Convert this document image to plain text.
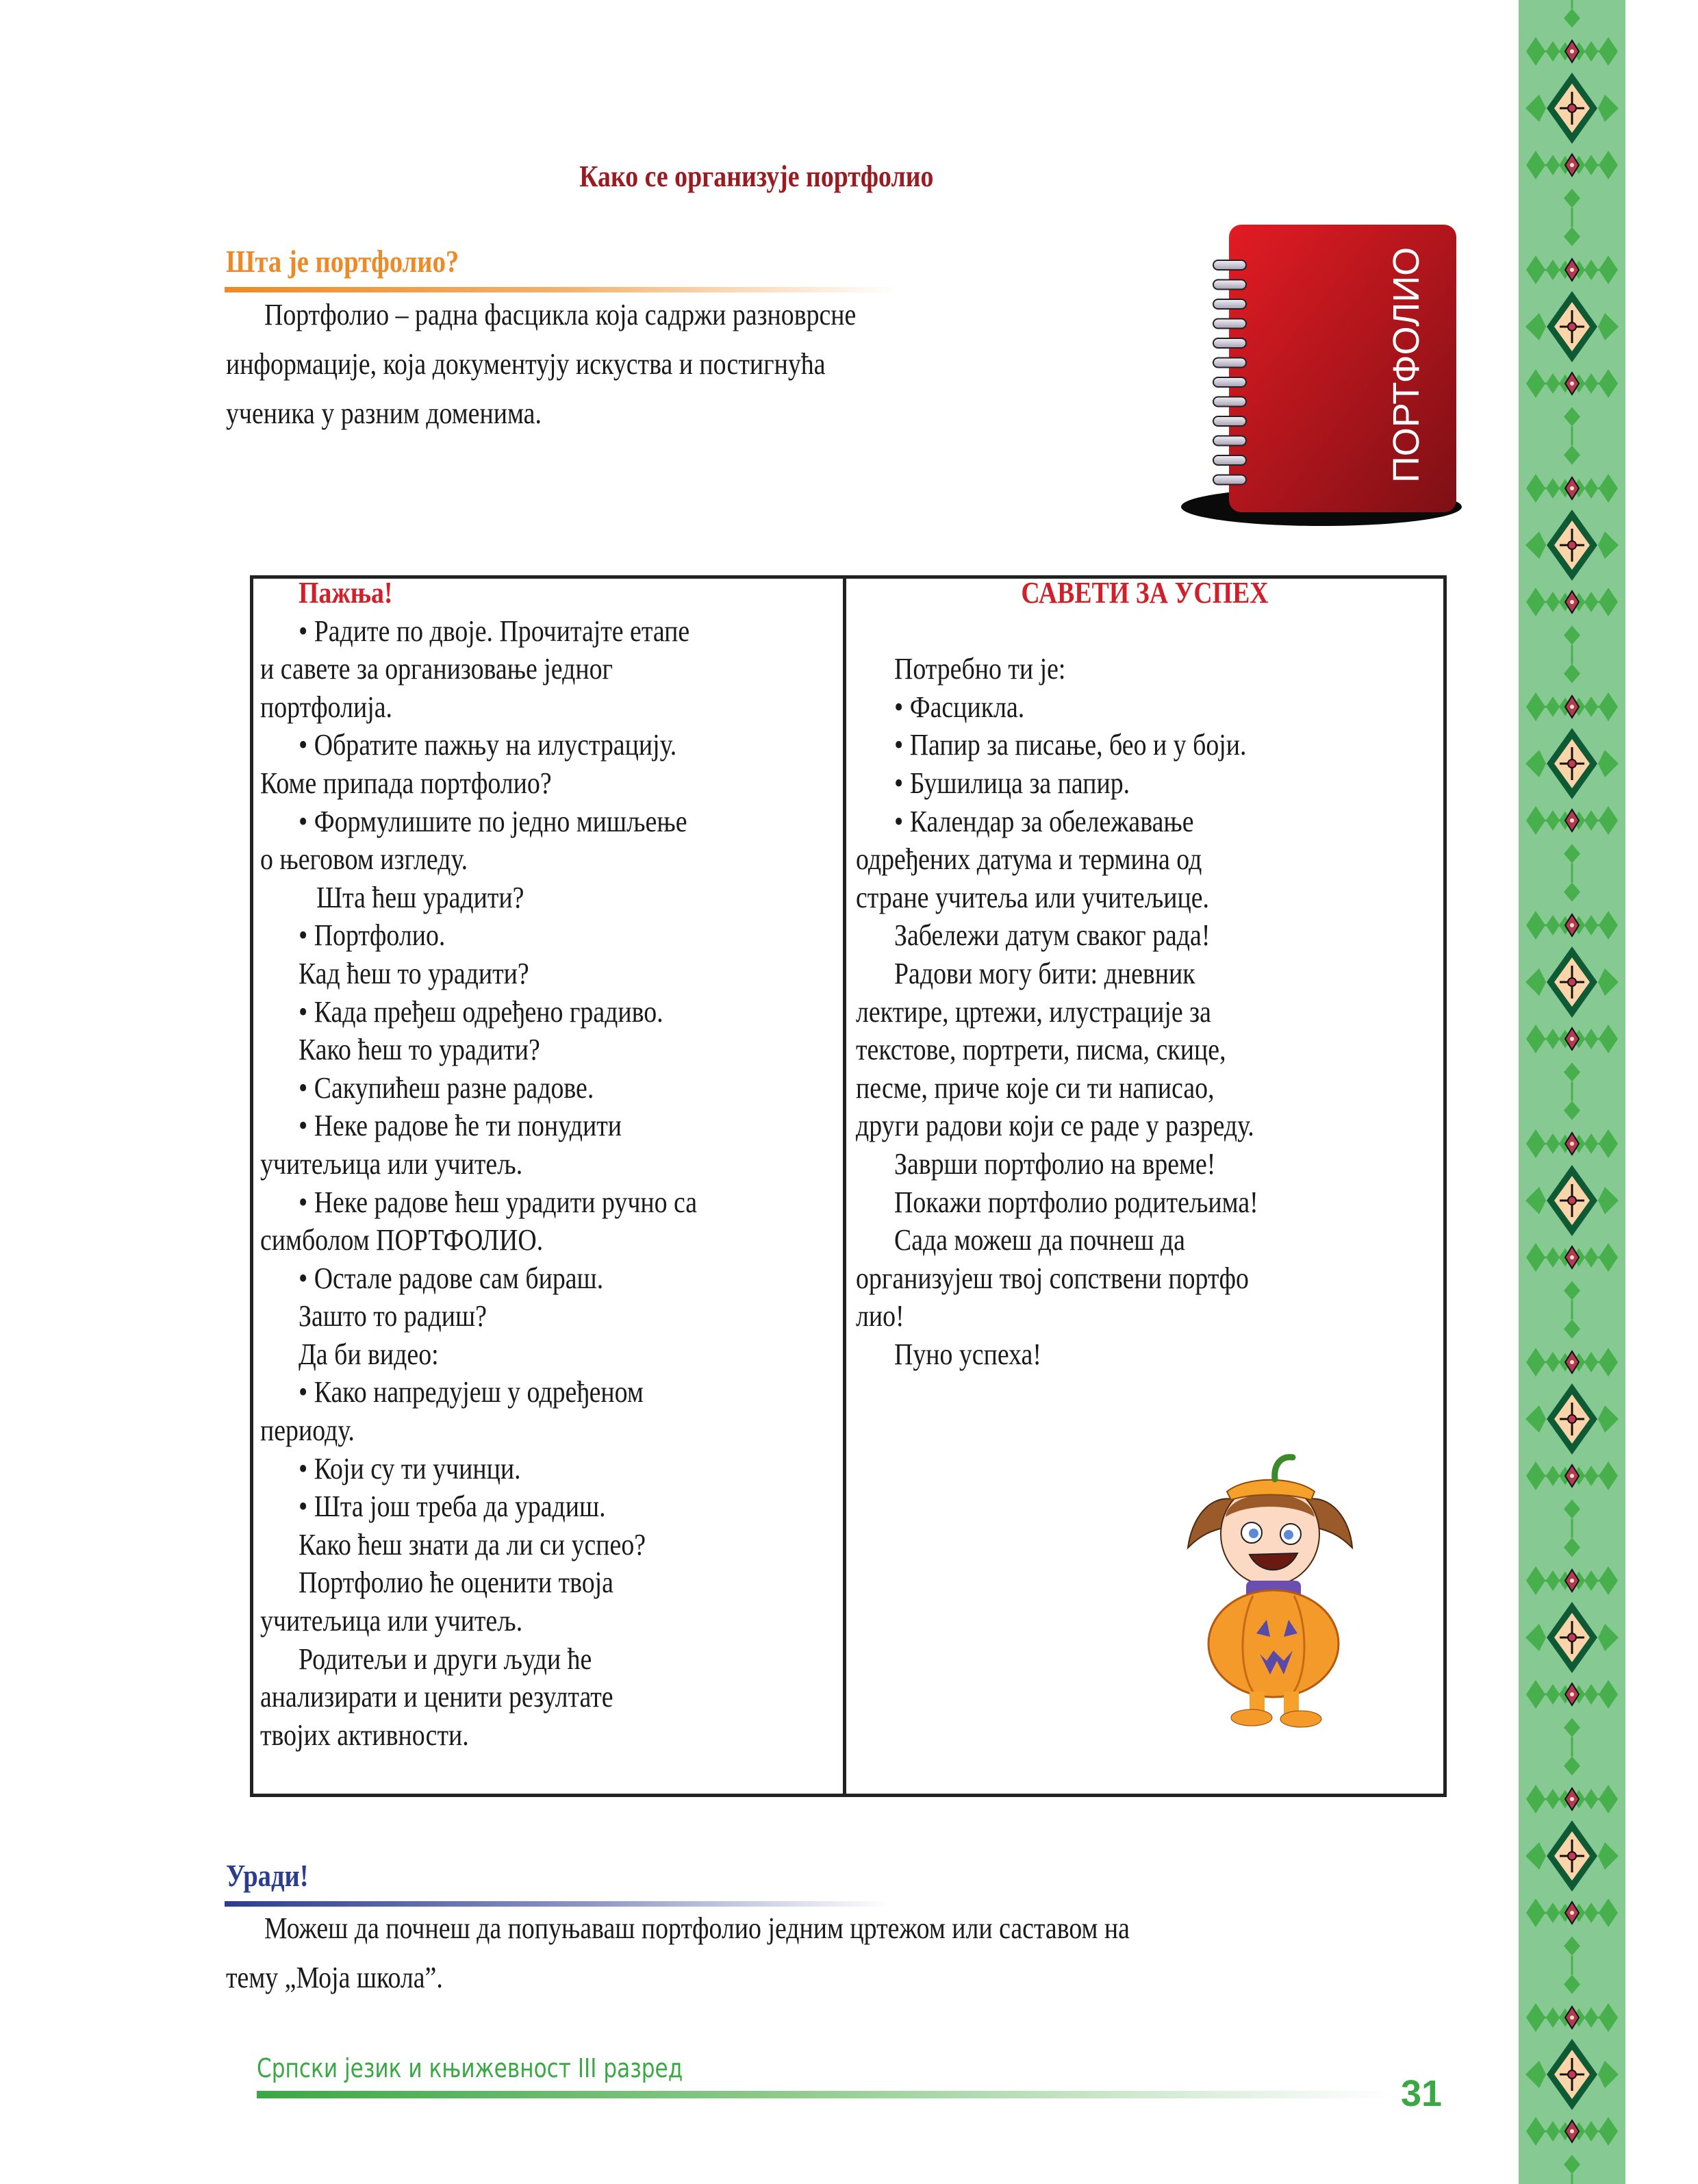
Како се организује портфолио
Шта је портфолио?
Портфолио – радна фасцикла која садржи разноврсне
информације, која документују искуства и постигнућа
ученика у разним доменима.	ПОРТФОЛИО
Пажња!
• Радите по двоје. Прочитајте етапе
и савете за организовање једног
портфолија.
• Обратите пажњу на илустрацију.
Коме припада портфолио?
• Формулишите по једно мишљење
о његовом изгледу.
Шта ћеш урадити?
• Портфолио.
Кад ћеш то урадити?
• Када пређеш одређено градиво.
Како ћеш то урадити?
• Сакупићеш разне радове.
• Неке радове ће ти понудити
учитељица или учитељ.
• Неке радове ћеш урадити ручно са
симболом ПОРТФОЛИО.
• Остале радове сам бираш.
Зашто то радиш?
Да би видео:
• Како напредујеш у одређеном
периоду.
• Који су ти учинци.
• Шта још треба да урадиш.
Како ћеш знати да ли си успео?
Портфолио ће оценити твоја
учитељица или учитељ.
Родитељи и други људи ће
анализирати и ценити резултате
твојих активности.
САВЕТИ ЗА УСПЕХ
Потребно ти је:
• Фасцикла.
• Папир за писање, бео и у боји.
• Бушилица за папир.
• Календар за обележавање
одређених датума и термина од
стране учитеља или учитељице.
Забележи датум сваког рада!
Радови могу бити: дневник
лектире, цртежи, илустрације за
текстове, портрети, писма, скице,
песме, приче које си ти написао,
други радови који се раде у разреду.
Заврши портфолио на време!
Покажи портфолио родитељима!
Сада можеш да почнеш да
организујеш твој сопствени портфо
лио!
Пуно успеха!
Уради!
Можеш да почнеш да попуњаваш портфолио једним цртежом или саставом на
тему „Моја школа”.
Српски језик и књижевност III разред
31
